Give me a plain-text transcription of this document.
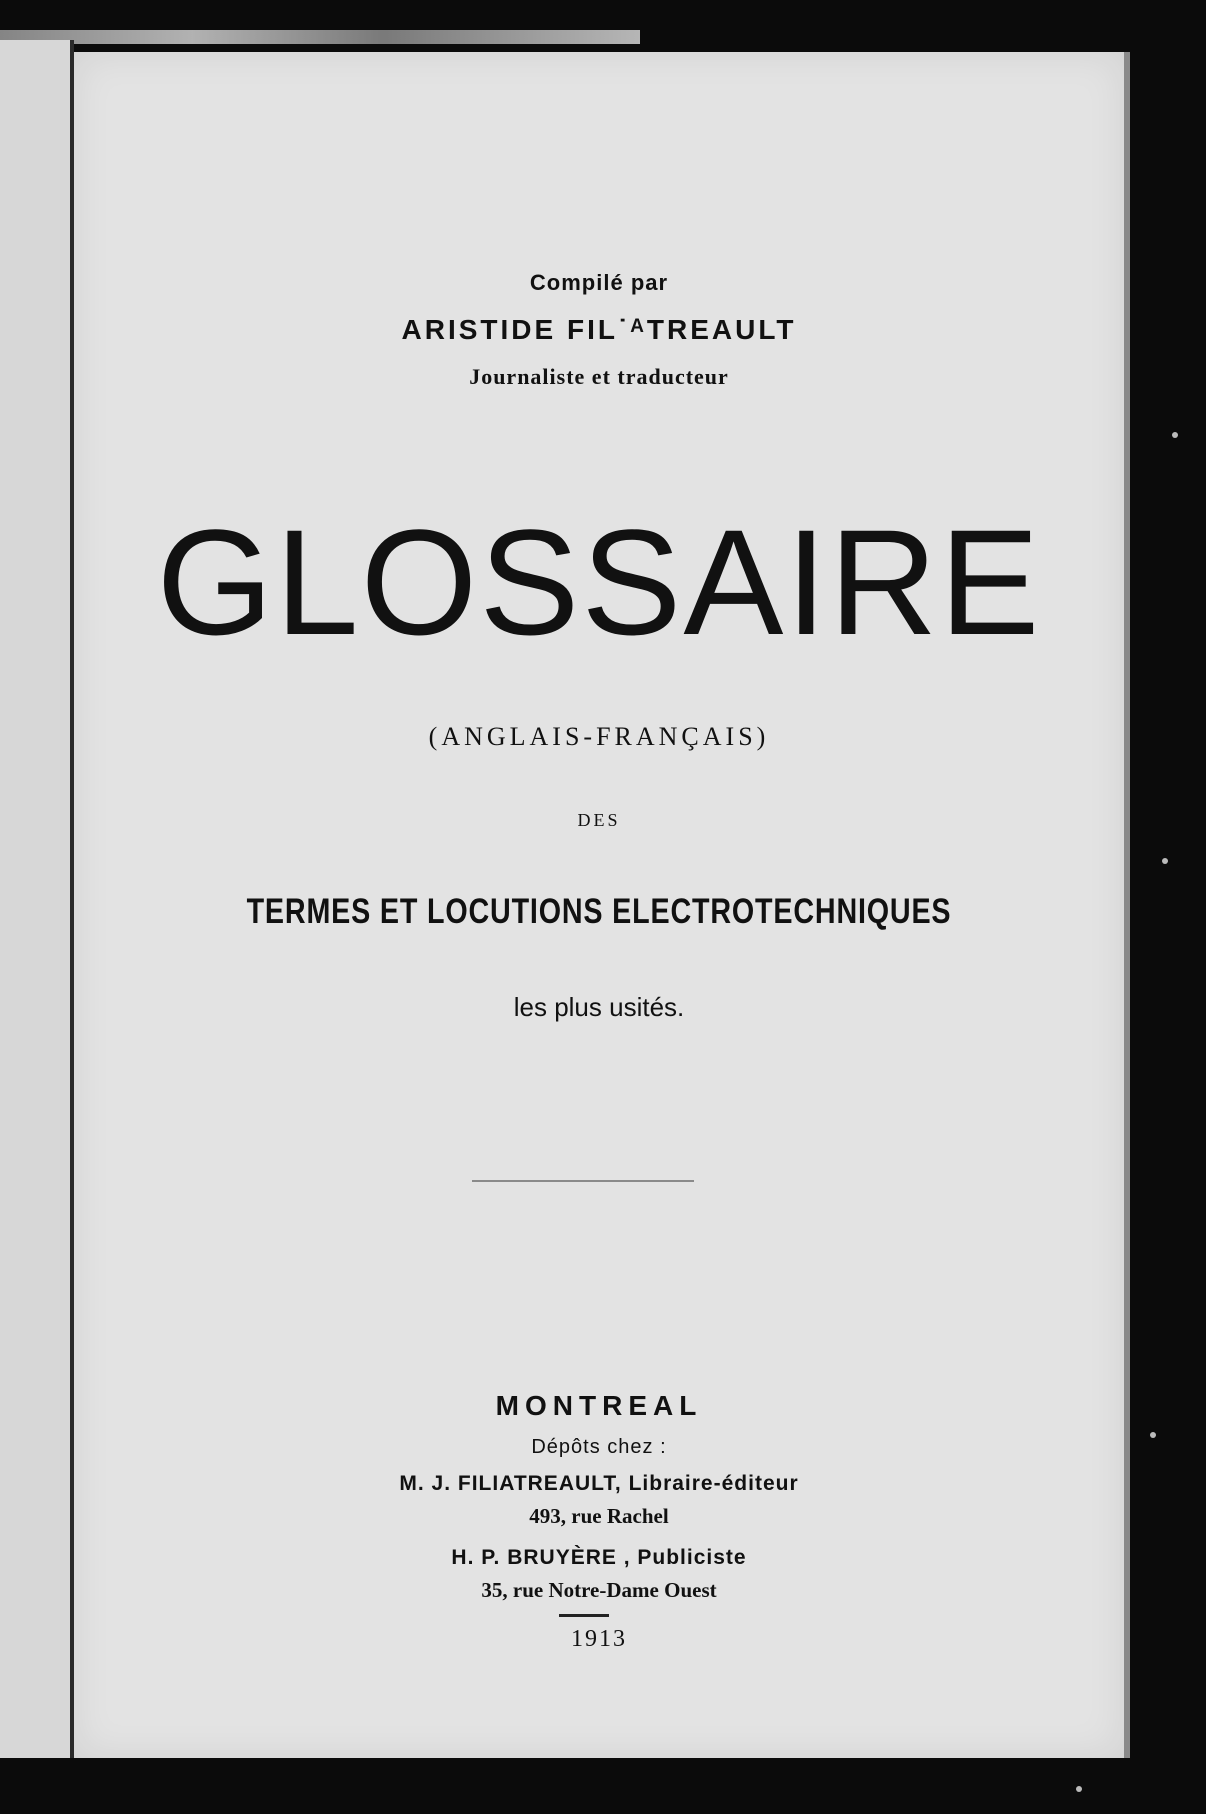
Compilé par
ARISTIDE FIL˙ᴬTREAULT
Journaliste et traducteur
GLOSSAIRE
(ANGLAIS-FRANÇAIS)
DES
TERMES ET LOCUTIONS ELECTROTECHNIQUES
les plus usités.
MONTREAL
Dépôts chez :
M. J. FILIATREAULT, Libraire-éditeur
493, rue Rachel
H. P. BRUYÈRE , Publiciste
35, rue Notre-Dame Ouest
1913
